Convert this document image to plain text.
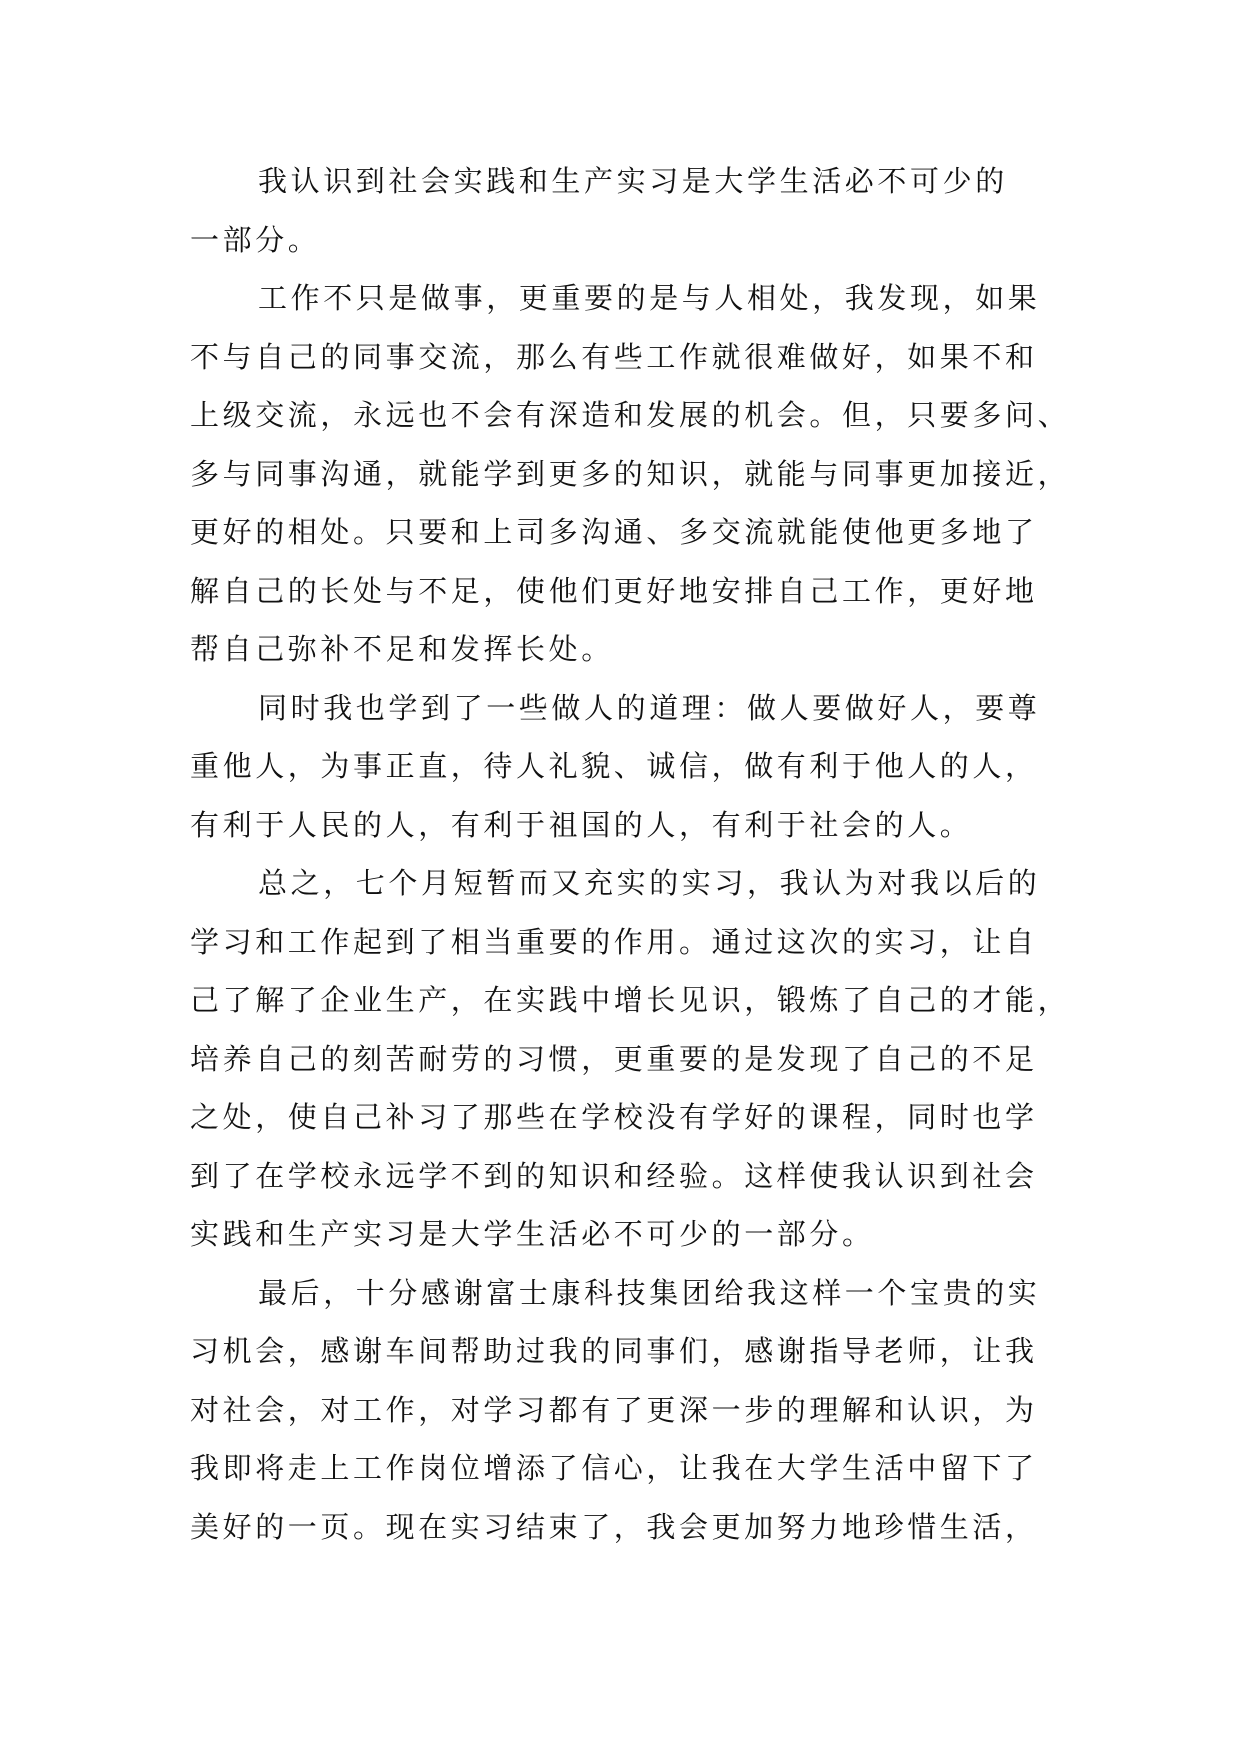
我认识到社会实践和生产实习是大学生活必不可少的
一部分。
工作不只是做事，更重要的是与人相处，我发现，如果
不与自己的同事交流，那么有些工作就很难做好，如果不和
上级交流，永远也不会有深造和发展的机会。但，只要多问、
多与同事沟通，就能学到更多的知识，就能与同事更加接近，
更好的相处。只要和上司多沟通、多交流就能使他更多地了
解自己的长处与不足，使他们更好地安排自己工作，更好地
帮自己弥补不足和发挥长处。
同时我也学到了一些做人的道理：做人要做好人，要尊
重他人，为事正直，待人礼貌、诚信，做有利于他人的人，
有利于人民的人，有利于祖国的人，有利于社会的人。
总之，七个月短暂而又充实的实习，我认为对我以后的
学习和工作起到了相当重要的作用。通过这次的实习，让自
己了解了企业生产，在实践中增长见识，锻炼了自己的才能，
培养自己的刻苦耐劳的习惯，更重要的是发现了自己的不足
之处，使自己补习了那些在学校没有学好的课程，同时也学
到了在学校永远学不到的知识和经验。这样使我认识到社会
实践和生产实习是大学生活必不可少的一部分。
最后，十分感谢富士康科技集团给我这样一个宝贵的实
习机会，感谢车间帮助过我的同事们，感谢指导老师，让我
对社会，对工作，对学习都有了更深一步的理解和认识，为
我即将走上工作岗位增添了信心，让我在大学生活中留下了
美好的一页。现在实习结束了，我会更加努力地珍惜生活，
